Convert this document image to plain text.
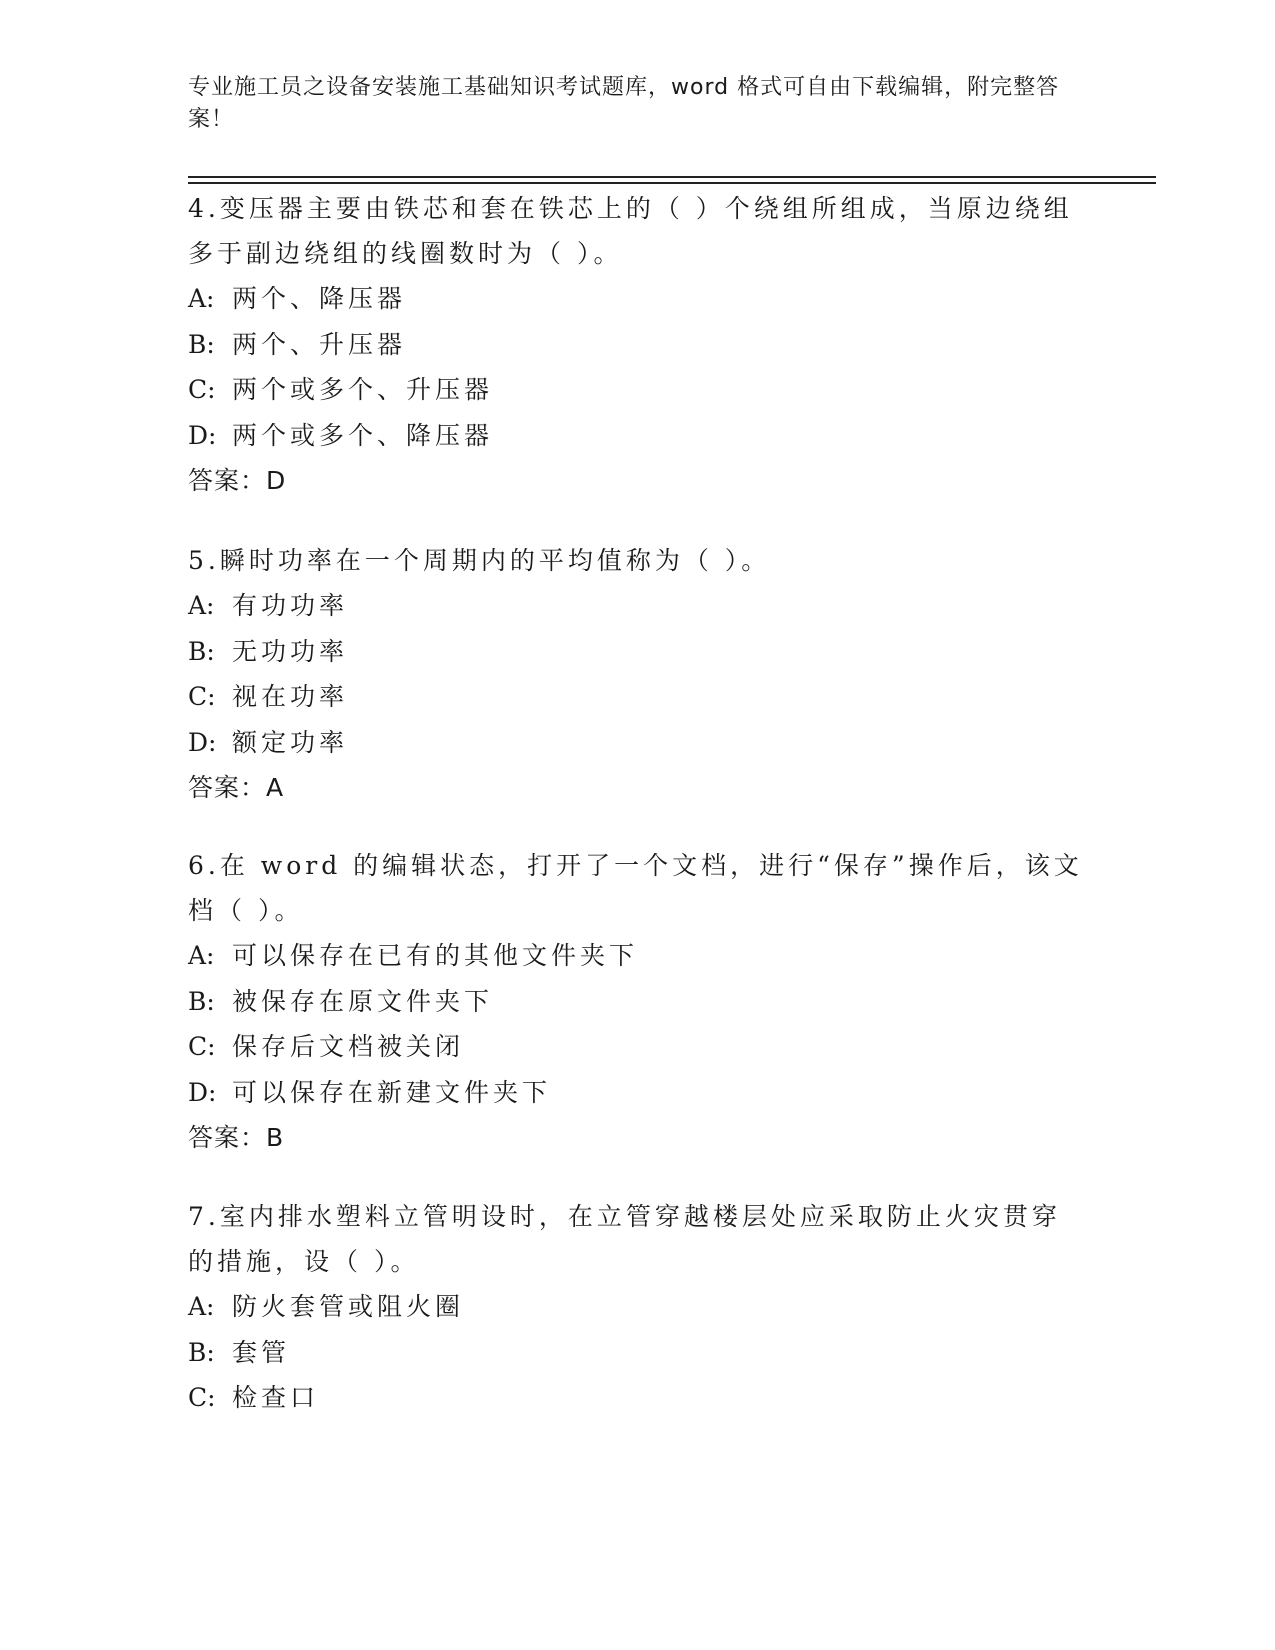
专业施工员之设备安装施工基础知识考试题库，word 格式可自由下载编辑，附完整答案！
4.变压器主要由铁芯和套在铁芯上的（ ）个绕组所组成，当原边绕组多于副边绕组的线圈数时为（ ）。
A: 两个、降压器
B: 两个、升压器
C: 两个或多个、升压器
D: 两个或多个、降压器
答案：D
5.瞬时功率在一个周期内的平均值称为（ ）。
A: 有功功率
B: 无功功率
C: 视在功率
D: 额定功率
答案：A
6.在 word 的编辑状态，打开了一个文档，进行“保存”操作后，该文档（ ）。
A: 可以保存在已有的其他文件夹下
B: 被保存在原文件夹下
C: 保存后文档被关闭
D: 可以保存在新建文件夹下
答案：B
7.室内排水塑料立管明设时，在立管穿越楼层处应采取防止火灾贯穿的措施，设（ ）。
A: 防火套管或阻火圈
B: 套管
C: 检查口
